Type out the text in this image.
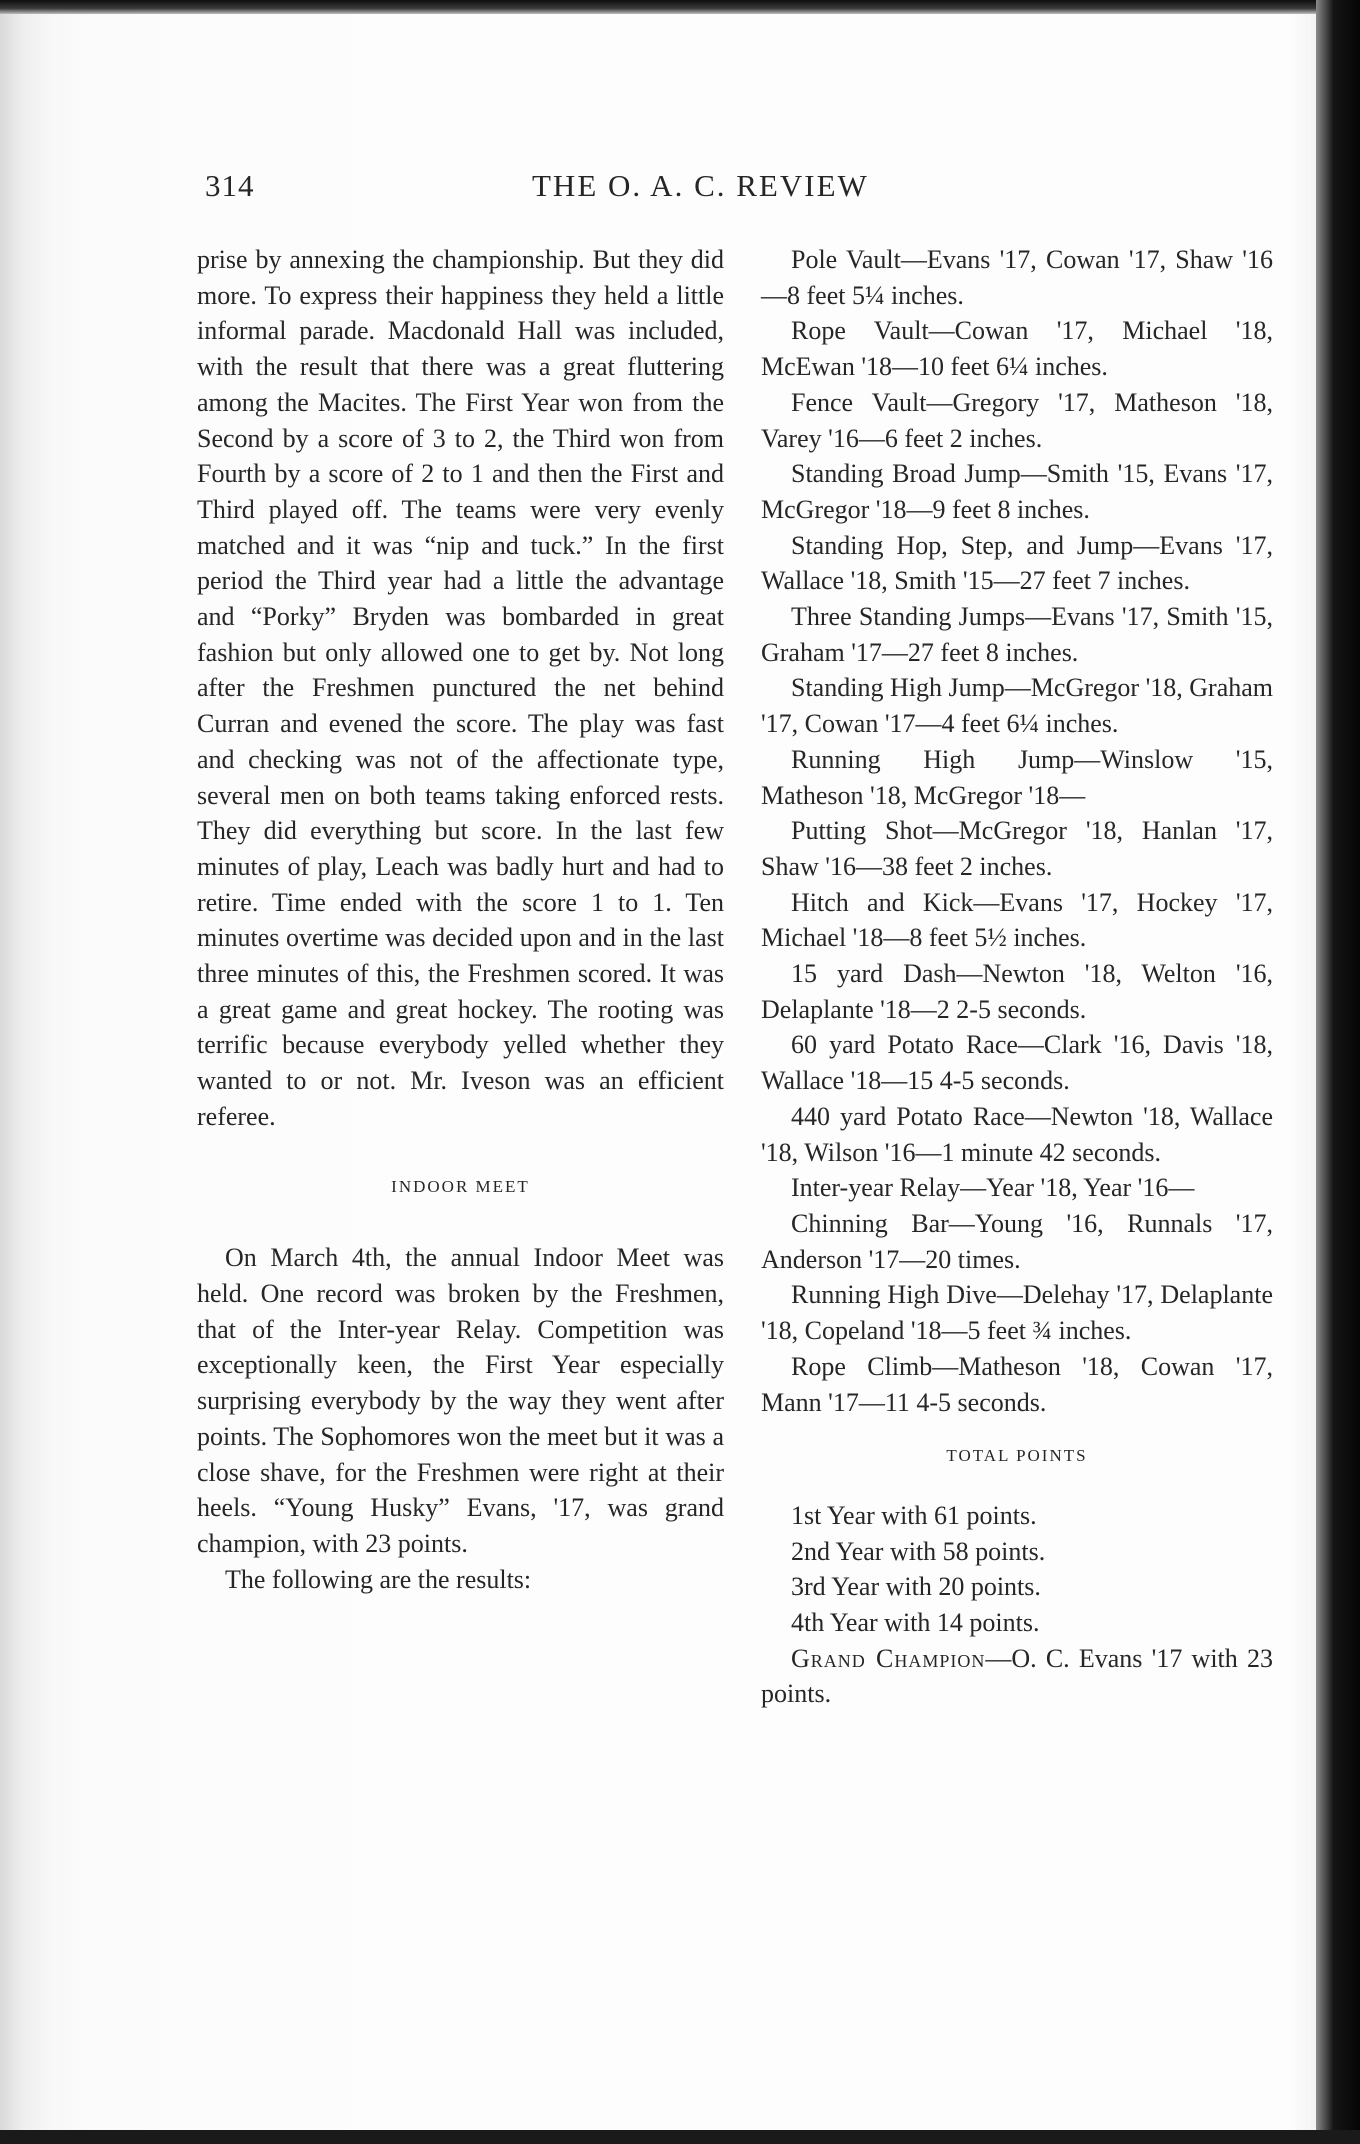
314	THE O. A. C. REVIEW

prise by annexing the championship. But they did more. To express their happiness they held a little informal parade. Macdonald Hall was included, with the result that there was a great fluttering among the Macites. The First Year won from the Second by a score of 3 to 2, the Third won from Fourth by a score of 2 to 1 and then the First and Third played off. The teams were very evenly matched and it was “nip and tuck.” In the first period the Third year had a little the advantage and “Porky” Bryden was bombarded in great fashion but only allowed one to get by. Not long after the Freshmen punctured the net behind Curran and evened the score. The play was fast and checking was not of the affectionate type, several men on both teams taking enforced rests. They did everything but score. In the last few minutes of play, Leach was badly hurt and had to retire. Time ended with the score 1 to 1. Ten minutes overtime was decided upon and in the last three minutes of this, the Freshmen scored. It was a great game and great hockey. The rooting was terrific because everybody yelled whether they wanted to or not. Mr. Iveson was an efficient referee.

INDOOR MEET

On March 4th, the annual Indoor Meet was held. One record was broken by the Freshmen, that of the Inter-year Relay. Competition was exceptionally keen, the First Year especially surprising everybody by the way they went after points. The Sophomores won the meet but it was a close shave, for the Freshmen were right at their heels. “Young Husky” Evans, '17, was grand champion, with 23 points.

The following are the results:

Pole Vault—Evans '17, Cowan '17, Shaw '16—8 feet 5¼ inches.

Rope Vault—Cowan '17, Michael '18, McEwan '18—10 feet 6¼ inches.

Fence Vault—Gregory '17, Matheson '18, Varey '16—6 feet 2 inches.

Standing Broad Jump—Smith '15, Evans '17, McGregor '18—9 feet 8 inches.

Standing Hop, Step, and Jump—Evans '17, Wallace '18, Smith '15—27 feet 7 inches.

Three Standing Jumps—Evans '17, Smith '15, Graham '17—27 feet 8 inches.

Standing High Jump—McGregor '18, Graham '17, Cowan '17—4 feet 6¼ inches.

Running High Jump—Winslow '15, Matheson '18, McGregor '18—

Putting Shot—McGregor '18, Hanlan '17, Shaw '16—38 feet 2 inches.

Hitch and Kick—Evans '17, Hockey '17, Michael '18—8 feet 5½ inches.

15 yard Dash—Newton '18, Welton '16, Delaplante '18—2 2-5 seconds.

60 yard Potato Race—Clark '16, Davis '18, Wallace '18—15 4-5 seconds.

440 yard Potato Race—Newton '18, Wallace '18, Wilson '16—1 minute 42 seconds.

Inter-year Relay—Year '18, Year '16—

Chinning Bar—Young '16, Runnals '17, Anderson '17—20 times.

Running High Dive—Delehay '17, Delaplante '18, Copeland '18—5 feet ¾ inches.

Rope Climb—Matheson '18, Cowan '17, Mann '17—11 4-5 seconds.

TOTAL POINTS

1st Year with 61 points.

2nd Year with 58 points.

3rd Year with 20 points.

4th Year with 14 points.

Grand Champion—O. C. Evans '17 with 23 points.
